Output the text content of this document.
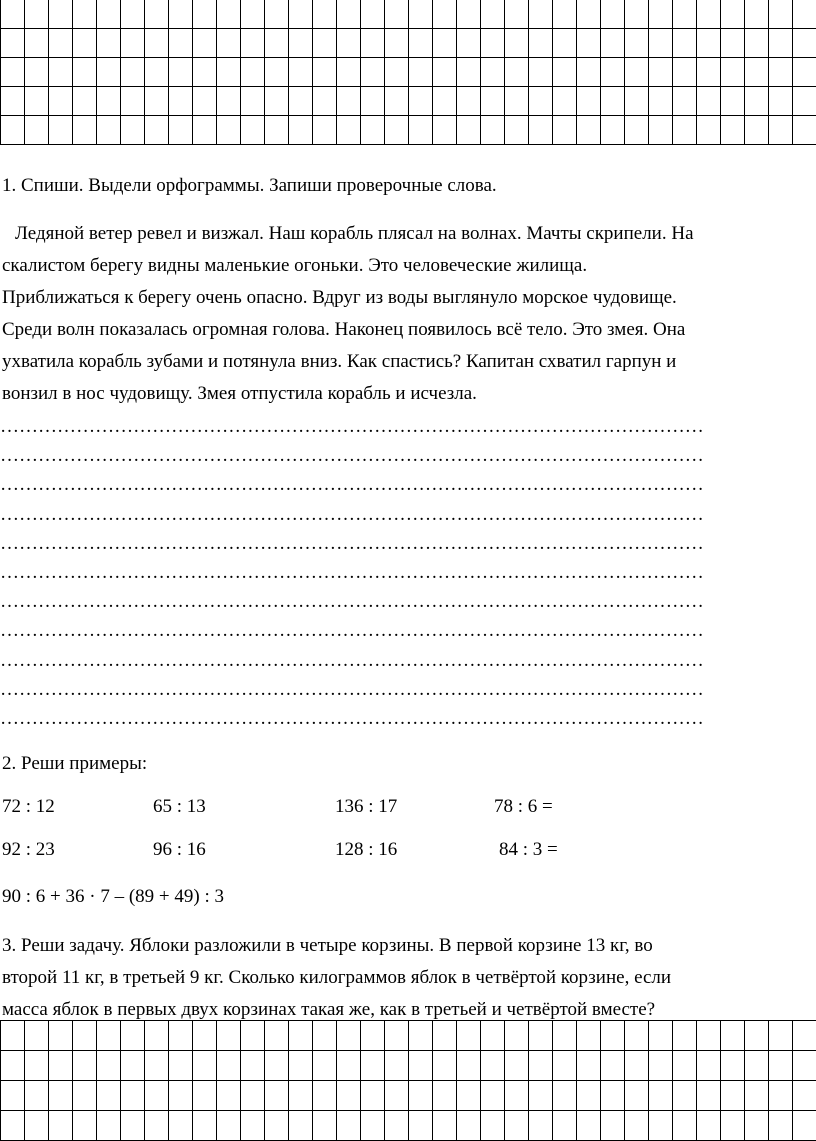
1. Спиши. Выдели орфограммы. Запиши проверочные слова.

Ледяной ветер ревел и визжал. Наш корабль плясал на волнах. Мачты скрипели. На

скалистом берегу видны маленькие огоньки. Это человеческие жилища.

Приближаться к берегу очень опасно. Вдруг из воды выглянуло морское чудовище.

Среди волн показалась огромная голова. Наконец появилось всё тело. Это змея. Она

ухватила корабль зубами и потянула вниз. Как спастись? Капитан схватил гарпун и

вонзил в нос чудовищу. Змея отпустила корабль и исчезла.

…………………………………………………………………………………………………
…………………………………………………………………………………………………
…………………………………………………………………………………………………
…………………………………………………………………………………………………
…………………………………………………………………………………………………
…………………………………………………………………………………………………
…………………………………………………………………………………………………
…………………………………………………………………………………………………
…………………………………………………………………………………………………
…………………………………………………………………………………………………
…………………………………………………………………………………………………
2. Реши примеры:
72 : 12	65 : 13	136 : 17	78 : 6 =
92 : 23	96 : 16	128 : 16	84 : 3 =
90 : 6 + 36 · 7 – (89 + 49) : 3

3. Реши задачу. Яблоки разложили в четыре корзины. В первой корзине 13 кг, во

второй 11 кг, в третьей 9 кг. Сколько килограммов яблок в четвёртой корзине, если

масса яблок в первых двух корзинах такая же, как в третьей и четвёртой вместе?
